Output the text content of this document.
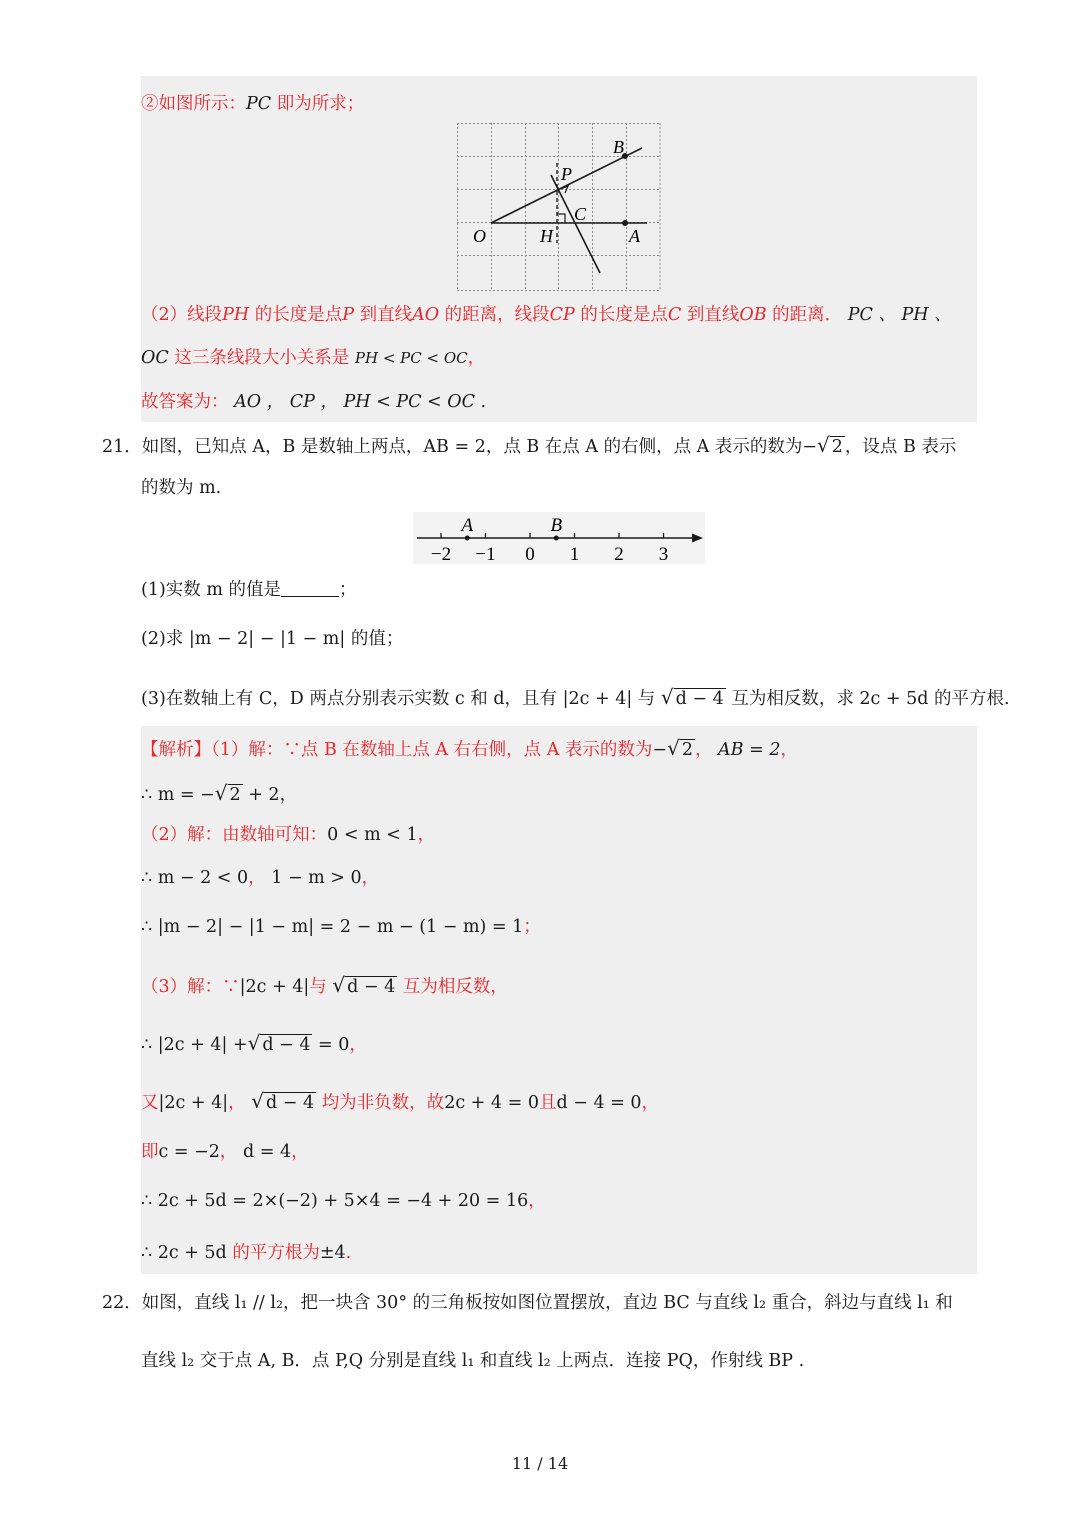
②如图所示：PC 即为所求；
B
P
C
O	H	A
（2）线段PH 的长度是点P 到直线AO 的距离，线段CP 的长度是点C 到直线OB 的距离． PC 、 PH 、
OC 这三条线段大小关系是 PH < PC < OC，
故答案为： AO ， CP ， PH < PC < OC .
21．如图，已知点 A，B 是数轴上两点，AB = 2，点 B 在点 A 的右侧，点 A 表示的数为−√ 2 ，设点 B 表示
的数为 m.
−2 −1 0 1 2 3
A	B
(1)实数 m 的值是	；
(2)求 |m − 2| − |1 − m| 的值；
(3)在数轴上有 C，D 两点分别表示实数 c 和 d，且有 |2c + 4| 与 √ d − 4 互为相反数，求 2c + 5d 的平方根.
【解析】（1）解：∵点 B 在数轴上点 A 右右侧，点 A 表示的数为−√ 2 ， AB = 2，
∴ m = −√ 2 + 2，
（2）解：由数轴可知：0 < m < 1，
∴ m − 2 < 0， 1 − m > 0，
∴ |m − 2| − |1 − m| = 2 − m − (1 − m) = 1；
（3）解：∵|2c + 4|与 √ d − 4 互为相反数，
∴ |2c + 4| +√ d − 4 = 0，
又|2c + 4|， √ d − 4 均为非负数，故2c + 4 = 0且d − 4 = 0，
即c = −2， d = 4，
∴ 2c + 5d = 2×(−2) + 5×4 = −4 + 20 = 16，
∴ 2c + 5d 的平方根为±4.
22．如图，直线 l₁ // l₂，把一块含 30° 的三角板按如图位置摆放，直边 BC 与直线 l₂ 重合，斜边与直线 l₁ 和
直线 l₂ 交于点 A, B．点 P,Q 分别是直线 l₁ 和直线 l₂ 上两点．连接 PQ，作射线 BP .
11 / 14
